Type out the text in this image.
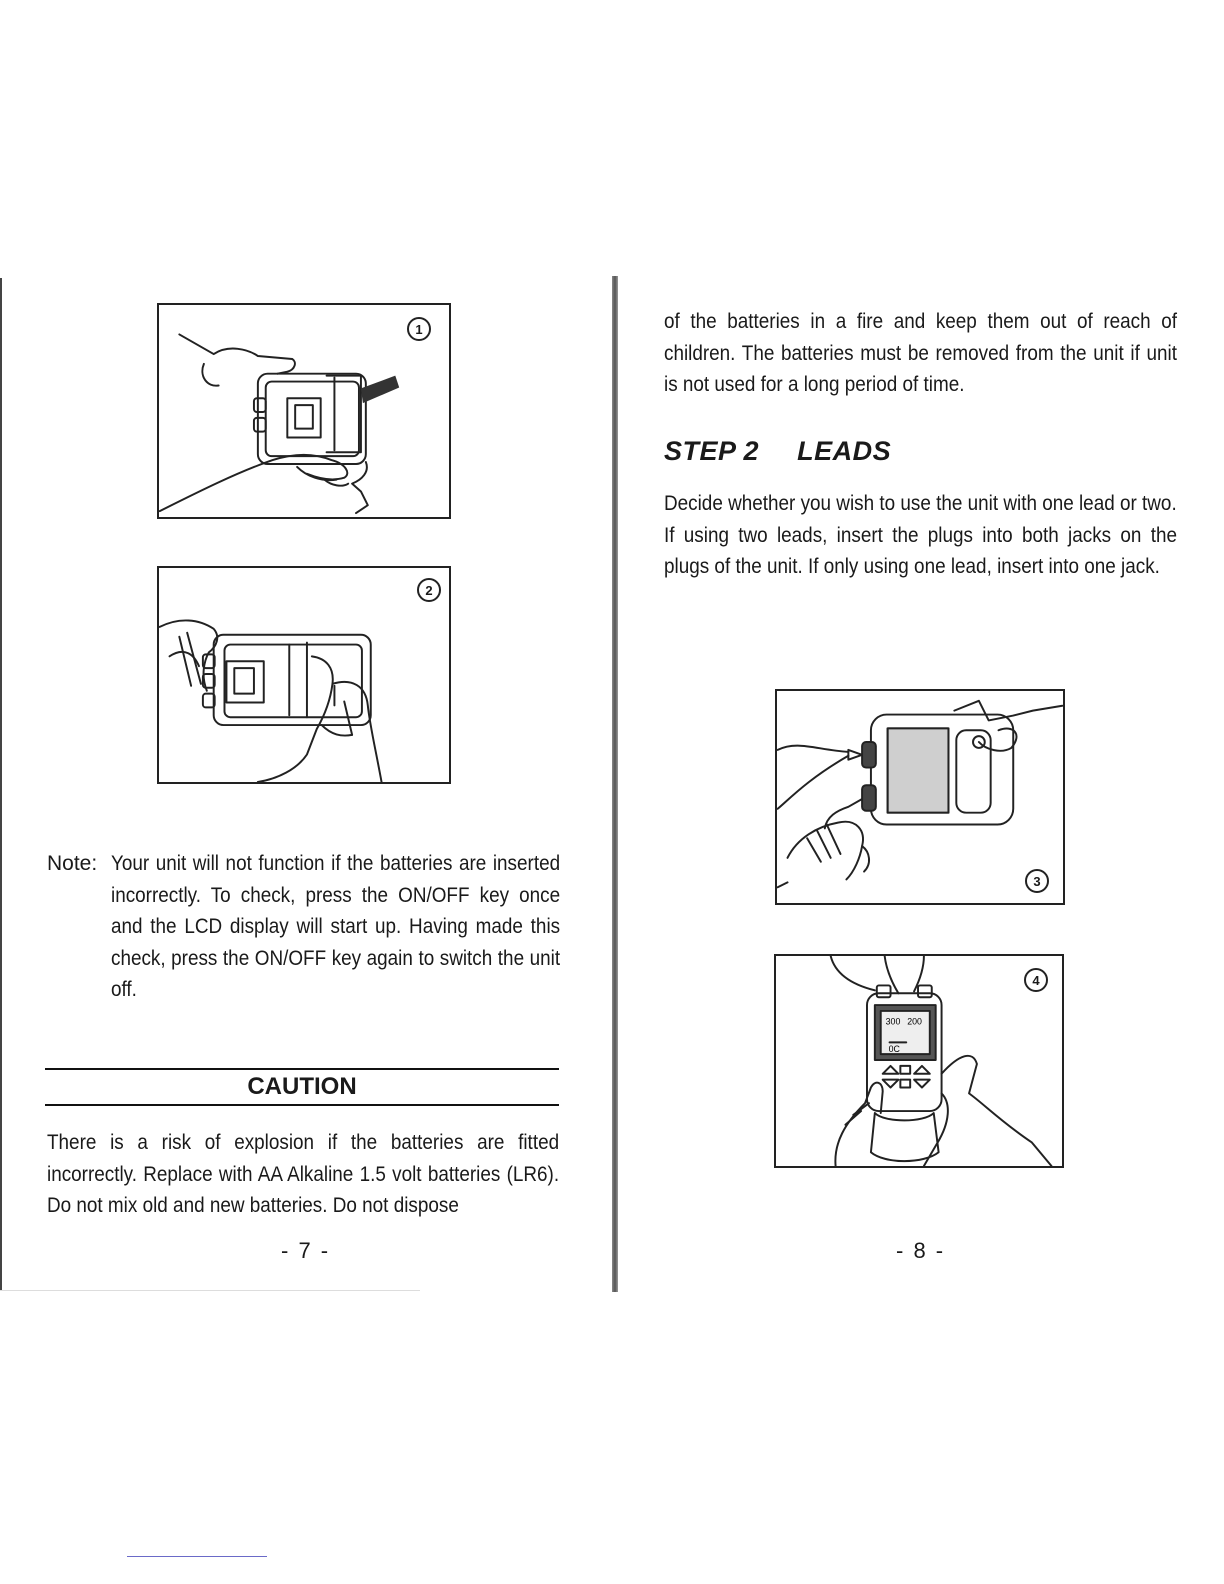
1
2
Note: Your unit will not function if the batteries are inserted incorrectly. To check, press the ON/OFF key once and the LCD display will start up. Having made this check, press the ON/OFF key again to switch the unit off.
CAUTION
There is a risk of explosion if the batteries are fitted incorrectly. Replace with AA Alkaline 1.5 volt batteries (LR6). Do not mix old and new batteries. Do not dispose
- 7 -
of the batteries in a fire and keep them out of reach of children. The batteries must be removed from the unit if unit is not used for a long period of time.
STEP 2 LEADS

Decide whether you wish to use the unit with one lead or two.

If using two leads, insert the plugs into both jacks on the plugs of the unit. If only using one lead, insert into one jack.

3
300 200
0C
4
- 8 -
